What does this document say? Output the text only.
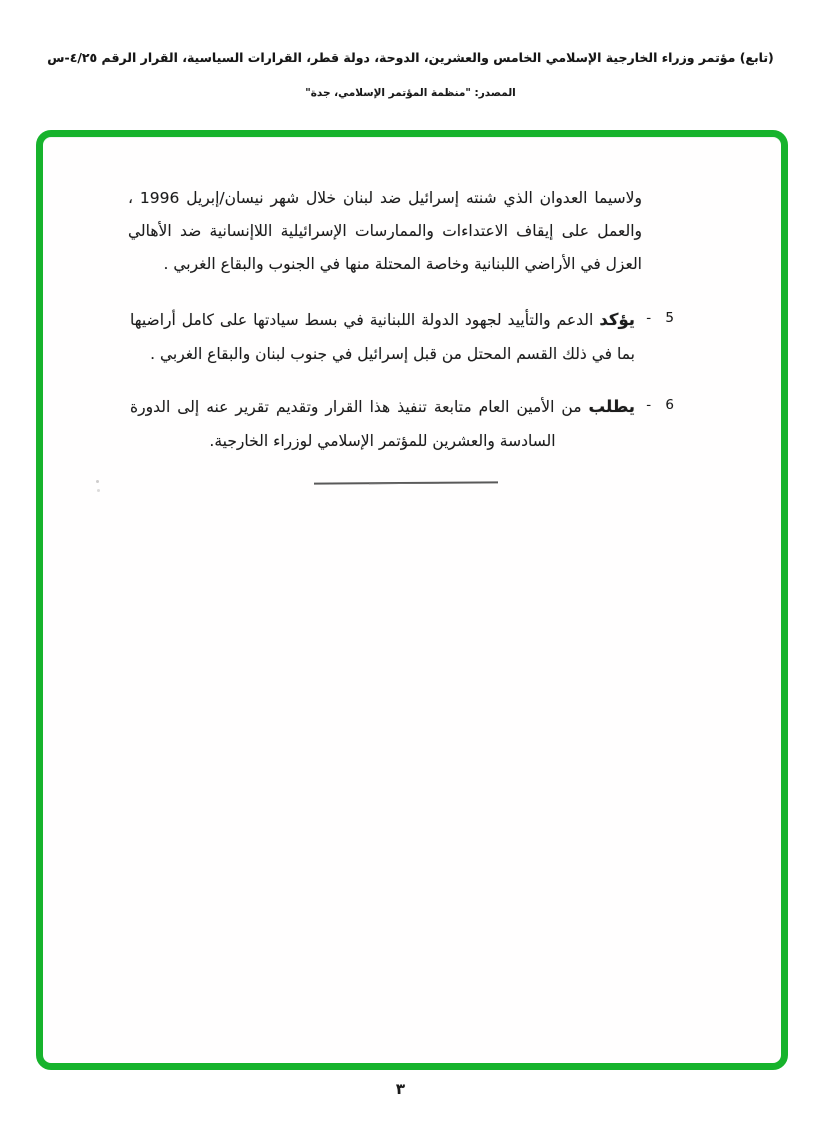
(تابع) مؤتمر وزراء الخارجية الإسلامي الخامس والعشرين، الدوحة، دولة قطر، القرارات السياسية، القرار الرقم ٤/٢٥-س
المصدر: "منظمة المؤتمر الإسلامي، جدة"

ولاسيما العدوان الذي شنته إسرائيل ضد لبنان خلال شهر نيسان/إبريل 1996 ، والعمل على إيقاف الاعتداءات والممارسات الإسرائيلية اللاإنسانية ضد الأهالي العزل في الأراضي اللبنانية وخاصة المحتلة منها في الجنوب والبقاع الغربي .

5 -
يؤكد الدعم والتأييد لجهود الدولة اللبنانية في بسط سيادتها على كامل أراضيها بما في ذلك القسم المحتل من قبل إسرائيل في جنوب لبنان والبقاع الغربي .
6 -
يطلب من الأمين العام متابعة تنفيذ هذا القرار وتقديم تقرير عنه إلى الدورة السادسة والعشرين للمؤتمر الإسلامي لوزراء الخارجية.
٣
